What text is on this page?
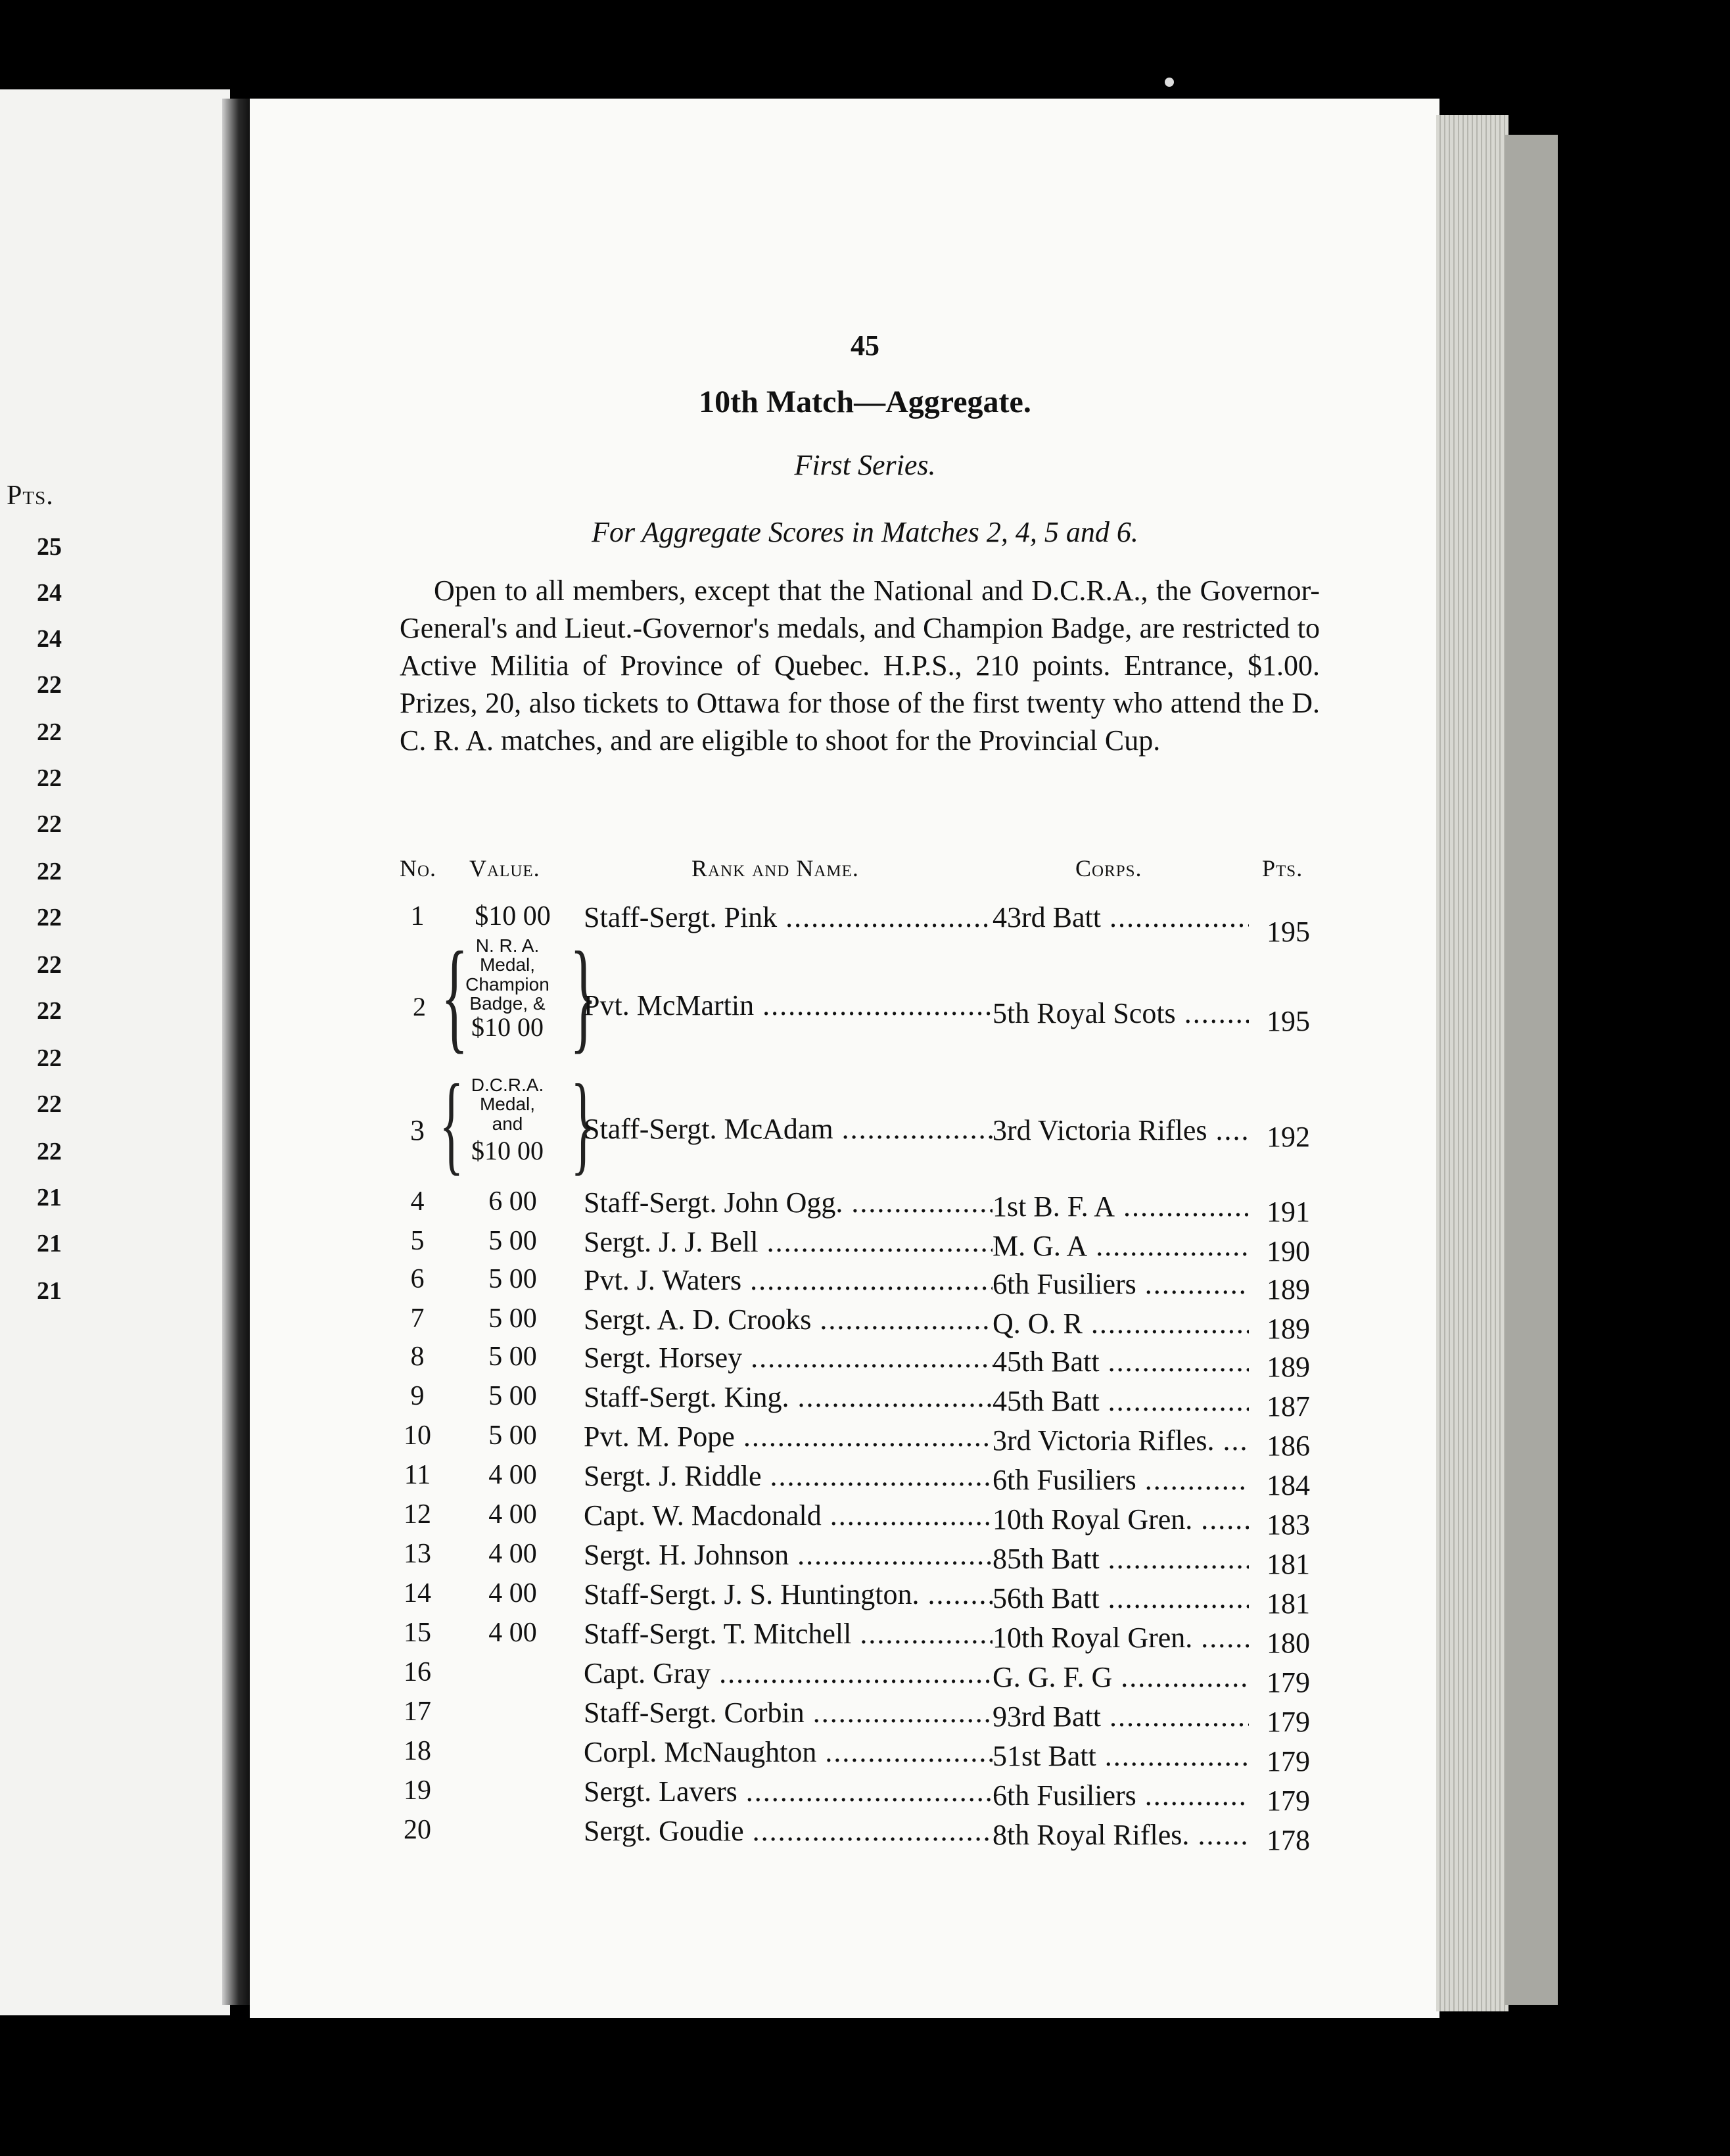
Pts.
25
24
24
22
22
22
22
22
22
22
22
22
22
22
21
21
21
45
10th Match—Aggregate.
First Series.
For Aggregate Scores in Matches 2, 4, 5 and 6.
Open to all members, except that the National and D.C.R.A., the Governor-General's and Lieut.-Governor's medals, and Champion Badge, are restricted to Active Militia of Province of Quebec. H.P.S., 210 points. Entrance, $1.00. Prizes, 20, also tickets to Ottawa for those of the first twenty who attend the D. C. R. A. matches, and are eligible to shoot for the Provincial Cup.
No. Value.	Rank and Name.	Corps.	Pts.
1	$10 00	Staff-Sergt. Pink .....	43rd Batt .....	195
2 { N. R. A.
Medal,
Champion
Badge, &
$10 00 }
Pvt. McMartin .....	5th Royal Scots .....	195
3 { D.C.R.A.
Medal,
and
$10 00 }
Staff-Sergt. McAdam .....	3rd Victoria Rifles .....	192
4	6 00	Staff-Sergt. John Ogg. .....	1st B. F. A .....	191
5	5 00	Sergt. J. J. Bell .....	M. G. A .....	190
6	5 00	Pvt. J. Waters .....	6th Fusiliers .....	189
7	5 00	Sergt. A. D. Crooks .....	Q. O. R .....	189
8	5 00	Sergt. Horsey .....	45th Batt .....	189
9	5 00	Staff-Sergt. King. .....	45th Batt .....	187
10	5 00	Pvt. M. Pope .....	3rd Victoria Rifles. .....	186
11	4 00	Sergt. J. Riddle .....	6th Fusiliers .....	184
12	4 00	Capt. W. Macdonald .....	10th Royal Gren. .....	183
13	4 00	Sergt. H. Johnson .....	85th Batt .....	181
14	4 00	Staff-Sergt. J. S. Huntington. .....	56th Batt .....	181
15	4 00	Staff-Sergt. T. Mitchell .....	10th Royal Gren. .....	180
16	Capt. Gray .....	G. G. F. G .....	179
17	Staff-Sergt. Corbin .....	93rd Batt .....	179
18	Corpl. McNaughton .....	51st Batt .....	179
19	Sergt. Lavers .....	6th Fusiliers .....	179
20	Sergt. Goudie .....	8th Royal Rifles. .....	178
